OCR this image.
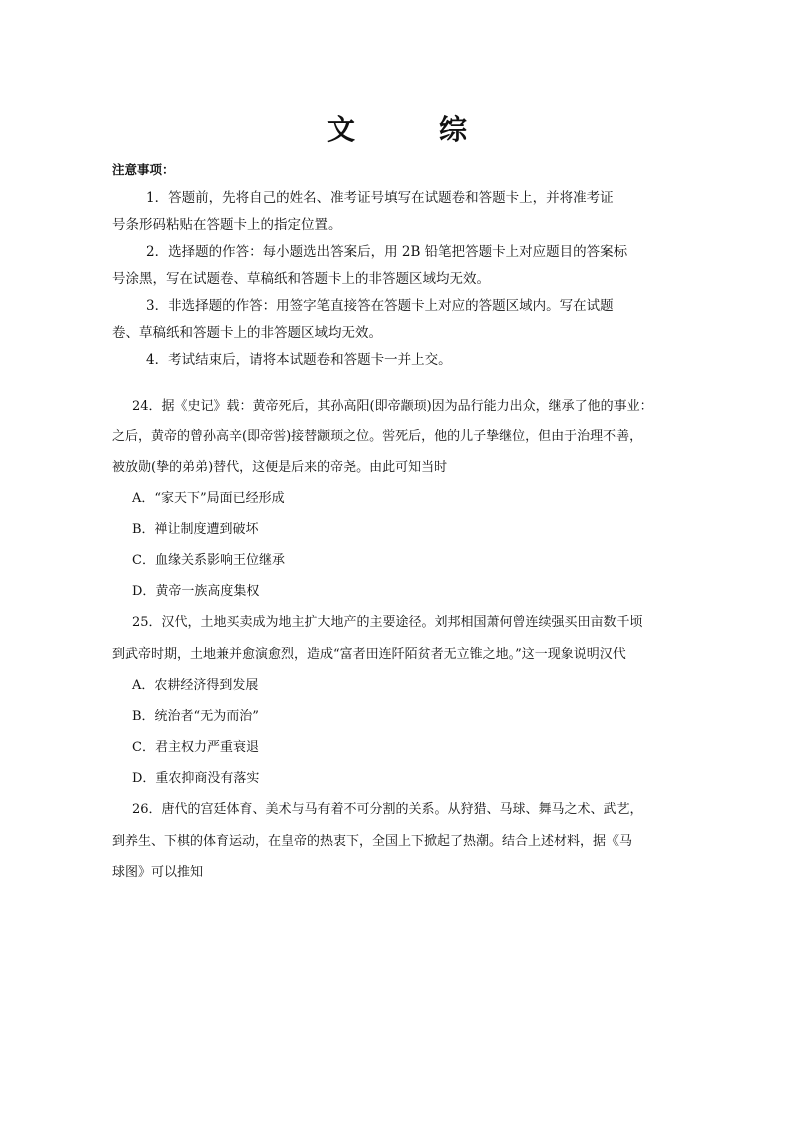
文　综
注意事项：
1．答题前，先将自己的姓名、准考证号填写在试题卷和答题卡上，并将准考证
号条形码粘贴在答题卡上的指定位置。
2．选择题的作答：每小题选出答案后，用 2B 铅笔把答题卡上对应题目的答案标
号涂黑，写在试题卷、草稿纸和答题卡上的非答题区域均无效。
3．非选择题的作答：用签字笔直接答在答题卡上对应的答题区域内。写在试题
卷、草稿纸和答题卡上的非答题区域均无效。
4．考试结束后，请将本试题卷和答题卡一并上交。
24．据《史记》载：黄帝死后，其孙高阳(即帝颛顼)因为品行能力出众，继承了他的事业：
之后，黄帝的曾孙高辛(即帝喾)接替颛顼之位。喾死后，他的儿子挚继位，但由于治理不善，
被放勋(挚的弟弟)替代，这便是后来的帝尧。由此可知当时
A．“家天下”局面已经形成
B．禅让制度遭到破坏
C．血缘关系影响王位继承
D．黄帝一族高度集权
25．汉代，土地买卖成为地主扩大地产的主要途径。刘邦相国萧何曾连续强买田亩数千顷
到武帝时期，土地兼并愈演愈烈，造成“富者田连阡陌贫者无立锥之地。”这一现象说明汉代
A．农耕经济得到发展
B．统治者“无为而治”
C．君主权力严重衰退
D．重农抑商没有落实
26．唐代的宫廷体育、美术与马有着不可分割的关系。从狩猎、马球、舞马之术、武艺，
到养生、下棋的体育运动，在皇帝的热衷下，全国上下掀起了热潮。结合上述材料，据《马
球图》可以推知
